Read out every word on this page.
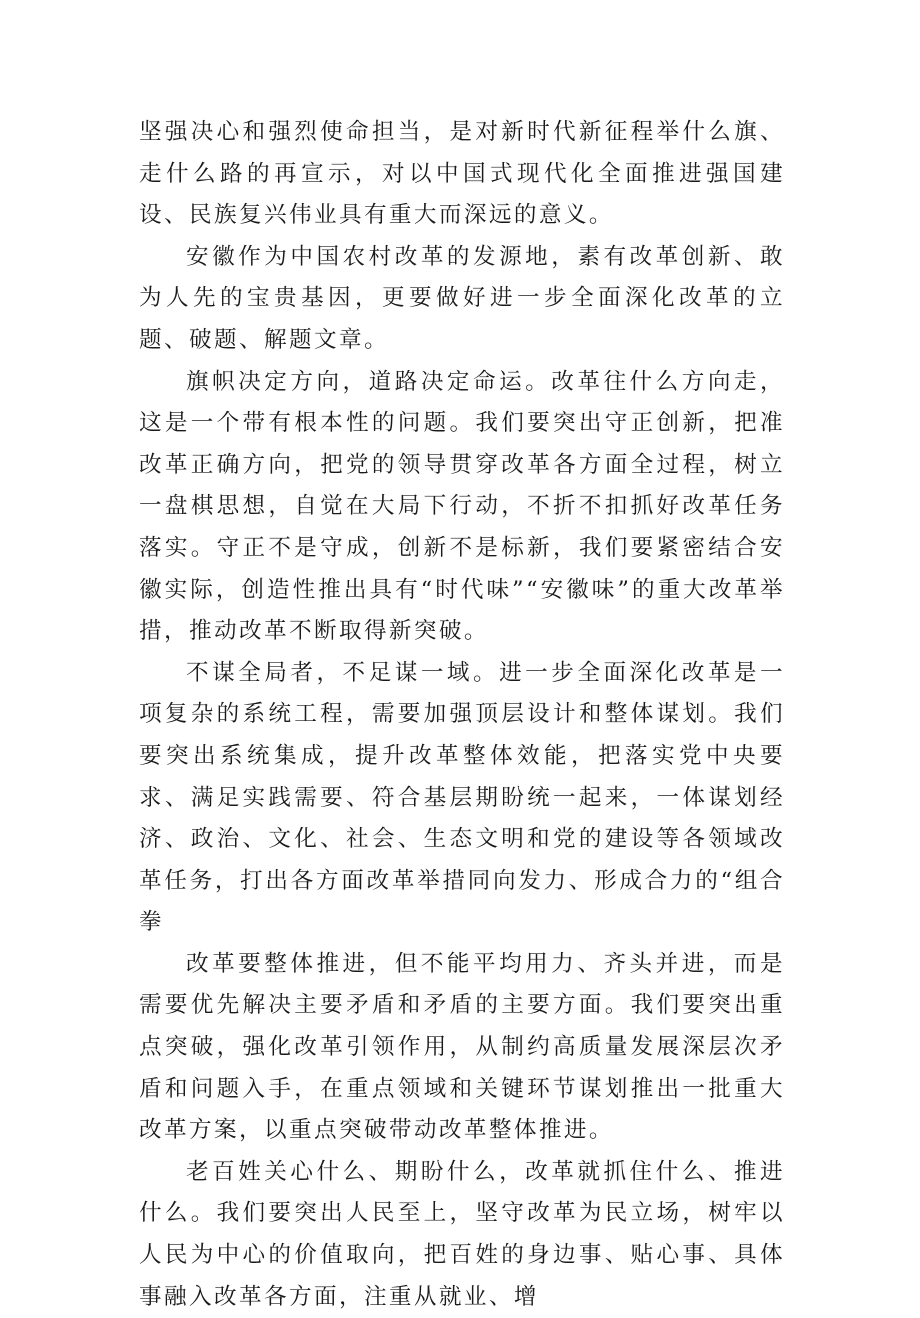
坚强决心和强烈使命担当，是对新时代新征程举什么旗、走什么路的再宣示，对以中国式现代化全面推进强国建设、民族复兴伟业具有重大而深远的意义。

安徽作为中国农村改革的发源地，素有改革创新、敢为人先的宝贵基因，更要做好进一步全面深化改革的立题、破题、解题文章。

旗帜决定方向，道路决定命运。改革往什么方向走，这是一个带有根本性的问题。我们要突出守正创新，把准改革正确方向，把党的领导贯穿改革各方面全过程，树立一盘棋思想，自觉在大局下行动，不折不扣抓好改革任务落实。守正不是守成，创新不是标新，我们要紧密结合安徽实际，创造性推出具有“时代味”“安徽味”的重大改革举措，推动改革不断取得新突破。

不谋全局者，不足谋一域。进一步全面深化改革是一项复杂的系统工程，需要加强顶层设计和整体谋划。我们要突出系统集成，提升改革整体效能，把落实党中央要求、满足实践需要、符合基层期盼统一起来，一体谋划经济、政治、文化、社会、生态文明和党的建设等各领域改革任务，打出各方面改革举措同向发力、形成合力的“组合拳

改革要整体推进，但不能平均用力、齐头并进，而是需要优先解决主要矛盾和矛盾的主要方面。我们要突出重点突破，强化改革引领作用，从制约高质量发展深层次矛盾和问题入手，在重点领域和关键环节谋划推出一批重大改革方案，以重点突破带动改革整体推进。

老百姓关心什么、期盼什么，改革就抓住什么、推进什么。我们要突出人民至上，坚守改革为民立场，树牢以人民为中心的价值取向，把百姓的身边事、贴心事、具体事融入改革各方面，注重从就业、增
